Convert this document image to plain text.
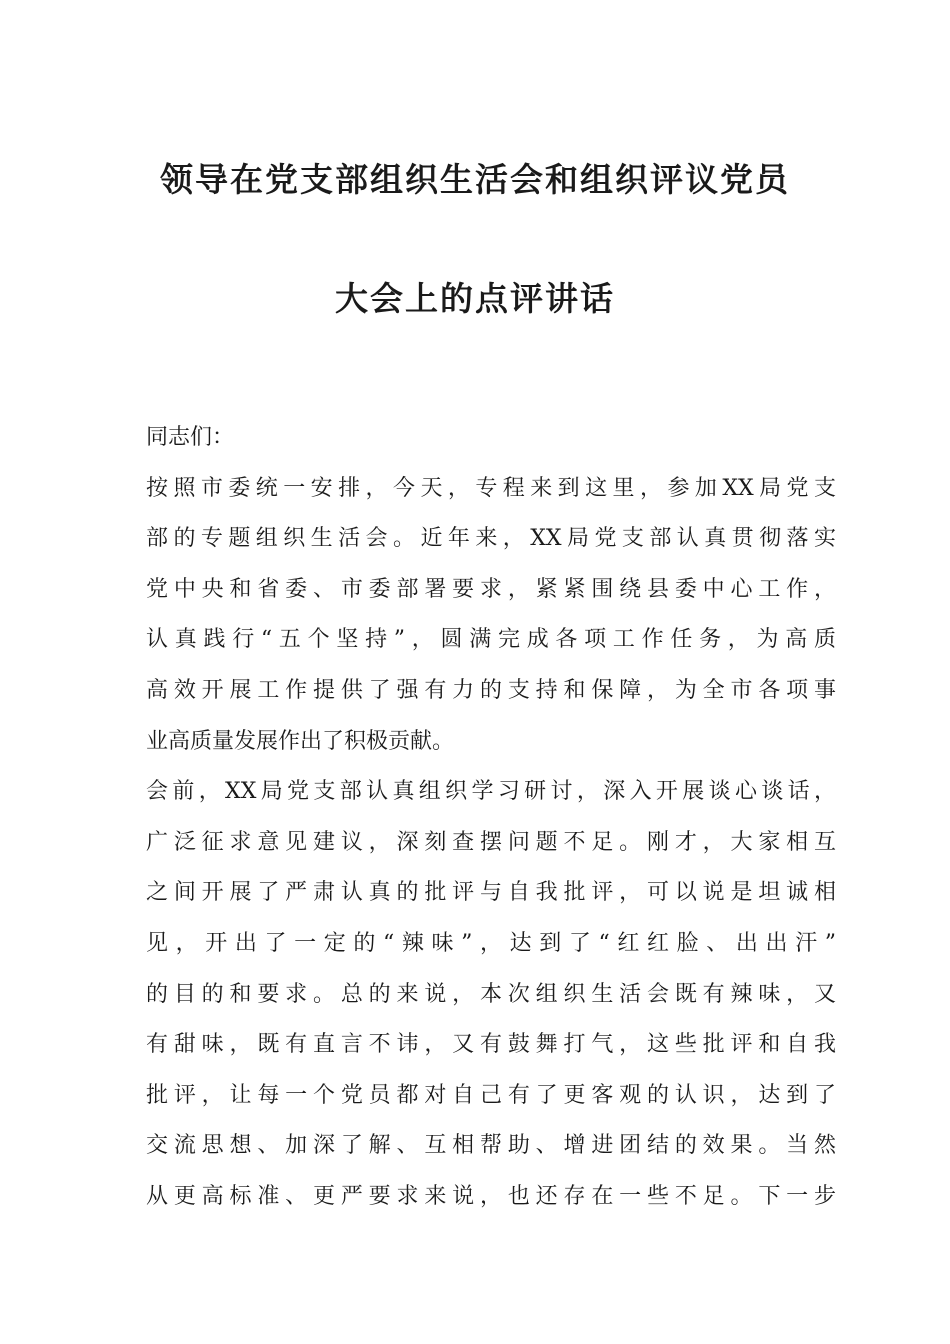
领导在党支部组织生活会和组织评议党员
大会上的点评讲话
同志们：
按照市委统一安排，今天，专程来到这里，参加XX局党支
部的专题组织生活会。近年来，XX局党支部认真贯彻落实
党中央和省委、市委部署要求，紧紧围绕县委中心工作，
认真践行“五个坚持”，圆满完成各项工作任务，为高质
高效开展工作提供了强有力的支持和保障，为全市各项事
业高质量发展作出了积极贡献。
会前，XX局党支部认真组织学习研讨，深入开展谈心谈话，
广泛征求意见建议，深刻查摆问题不足。刚才，大家相互
之间开展了严肃认真的批评与自我批评，可以说是坦诚相
见，开出了一定的“辣味”，达到了“红红脸、出出汗”
的目的和要求。总的来说，本次组织生活会既有辣味，又
有甜味，既有直言不讳，又有鼓舞打气，这些批评和自我
批评，让每一个党员都对自己有了更客观的认识，达到了
交流思想、加深了解、互相帮助、增进团结的效果。当然
从更高标准、更严要求来说，也还存在一些不足。下一步
